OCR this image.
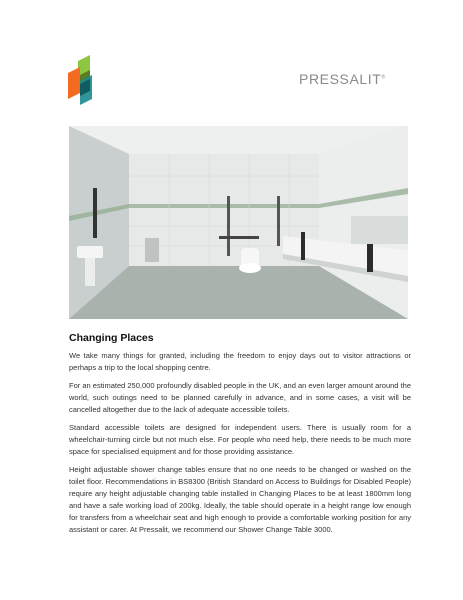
PRESSALIT®
Changing Places

We take many things for granted, including the freedom to enjoy days out to visitor attractions or perhaps a trip to the local shopping centre.

For an estimated 250,000 profoundly disabled people in the UK, and an even larger amount around the world, such outings need to be planned carefully in advance, and in some cases, a visit will be cancelled altogether due to the lack of adequate accessible toilets.

Standard accessible toilets are designed for independent users. There is usually room for a wheelchair-turning circle but not much else. For people who need help, there needs to be much more space for specialised equipment and for those providing assistance.

Height adjustable shower change tables ensure that no one needs to be changed or washed on the toilet floor. Recommendations in BS8300 (British Standard on Access to Buildings for Disabled People) require any height adjustable changing table installed in Changing Places to be at least 1800mm long and have a safe working load of 200kg. Ideally, the table should operate in a height range low enough for transfers from a wheelchair seat and high enough to provide a comfortable working position for any assistant or carer. At Pressalit, we recommend our Shower Change Table 3000.
